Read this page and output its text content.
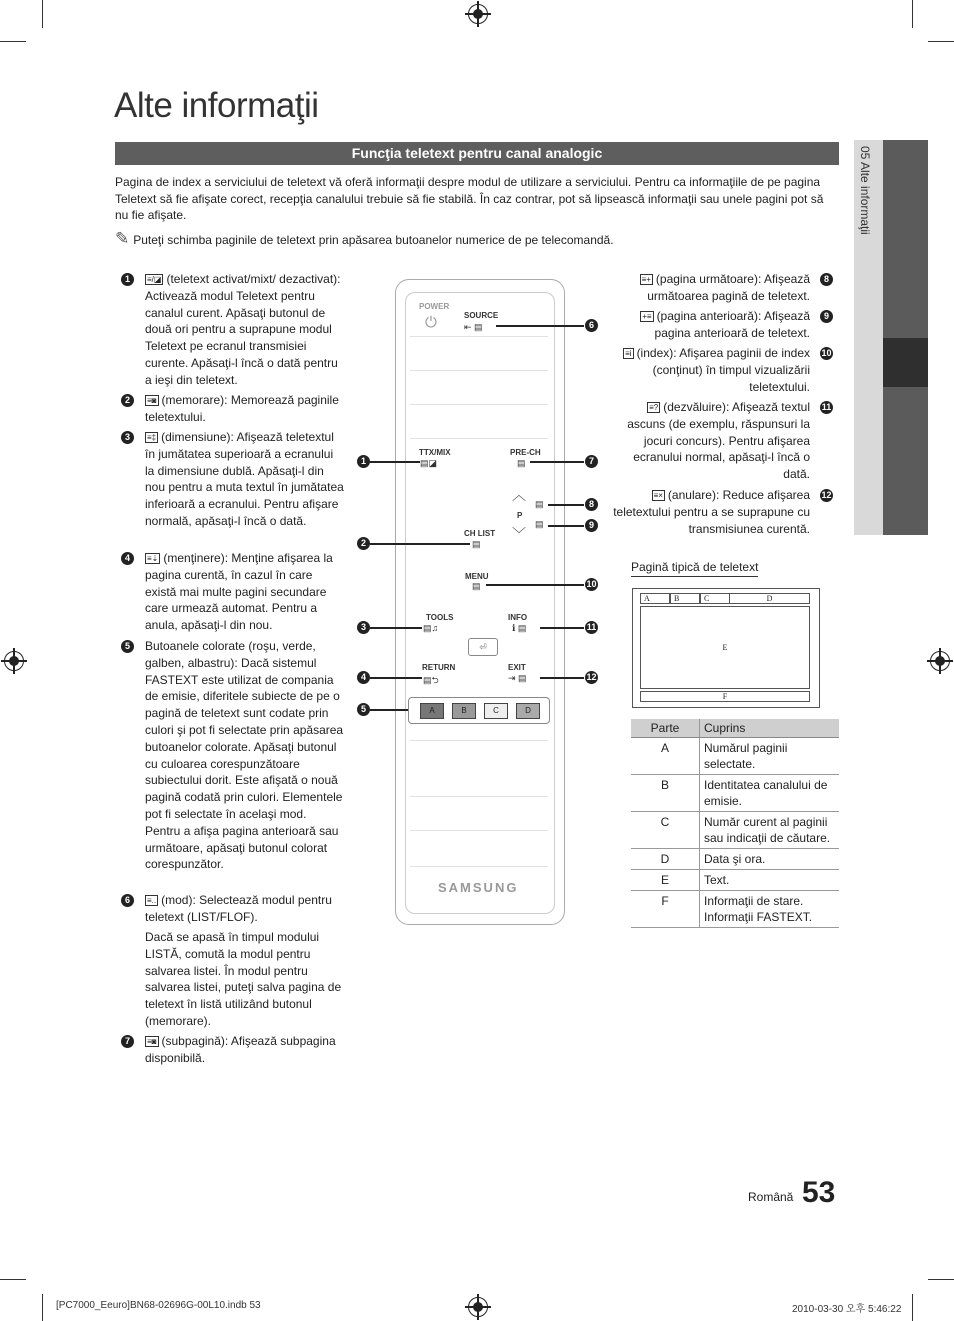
05 Alte informaţii
Alte informaţii
Funcţia teletext pentru canal analogic
Pagina de index a serviciului de teletext vă oferă informaţii despre modul de utilizare a serviciului. Pentru ca informaţiile de pe pagina Teletext să fie afişate corect, recepţia canalului trebuie să fie stabilă. În caz contrar, pot să lipsească informaţii sau unele pagini pot să nu fie afişate.
✎ Puteţi schimba paginile de teletext prin apăsarea butoanelor numerice de pe telecomandă.
1	≡/◪ (teletext activat/mixt/ dezactivat): Activează modul Teletext pentru canalul curent. Apăsaţi butonul de două ori pentru a suprapune modul Teletext pe ecranul transmisiei curente. Apăsaţi-l încă o dată pentru a ieşi din teletext.
2	≡◙ (memorare): Memorează paginile teletextului.
3	≡‡ (dimensiune): Afişează teletextul în jumătatea superioară a ecranului la dimensiune dublă. Apăsaţi-l din nou pentru a muta textul în jumătatea inferioară a ecranului. Pentru afişare normală, apăsaţi-l încă o dată.
4	≡⇣ (menţinere): Menţine afişarea la pagina curentă, în cazul în care există mai multe pagini secundare care urmează automat. Pentru a anula, apăsaţi-l din nou.
5	Butoanele colorate (roşu, verde, galben, albastru): Dacă sistemul FASTEXT este utilizat de compania de emisie, diferitele subiecte de pe o pagină de teletext sunt codate prin culori şi pot fi selectate prin apăsarea butoanelor colorate. Apăsaţi butonul cu culoarea corespunzătoare subiectului dorit. Este afişată o nouă pagină codată prin culori. Elementele pot fi selectate în acelaşi mod. Pentru a afişa pagina anterioară sau următoare, apăsaţi butonul colorat corespunzător.
6	≡.. (mod): Selectează modul pentru teletext (LIST/FLOF).
Dacă se apasă în timpul modului LISTĂ, comută la modul pentru salvarea listei. În modul pentru salvarea listei, puteţi salva pagina de teletext în listă utilizând butonul (memorare).
7	≡◙ (subpagină): Afişează subpagina disponibilă.
≡+ (pagina următoare): Afişează următoarea pagină de teletext.
8
+≡ (pagina anterioară): Afişează pagina anterioară de teletext.
9
≡i (index): Afişarea paginii de index (conţinut) în timpul vizualizării teletextului.
10
≡? (dezvăluire): Afişează textul ascuns (de exemplu, răspunsuri la jocuri concurs). Pentru afişarea ecranului normal, apăsaţi-l încă o dată.
11
≡× (anulare): Reduce afişarea teletextului pentru a se suprapune cu transmisiunea curentă.
12
POWER
⏻	SOURCE
⇤ ▤
TTX/MIX
▤◪
PRE-CH
▤
︿
P
﹀
▤
▤
CH LIST
▤
MENU
▤
TOOLS
▤♫
INFO
ℹ ▤
⏎
RETURN
▤⮌
EXIT
⇥ ▤
A	B	C	D
SAMSUNG
6
1	7
8
9
2
10
3	11
4	12
5
Pagină tipică de teletext
A	B	C	D
E
F
Parte	Cuprins
A	Numărul paginii selectate.
B	Identitatea canalului de emisie.
C	Număr curent al paginii sau indicaţii de căutare.
D	Data şi ora.
E	Text.
F	Informaţii de stare. Informaţii FASTEXT.
Română 53
[PC7000_Eeuro]BN68-02696G-00L10.indb 53	2010-03-30 오후 5:46:22
